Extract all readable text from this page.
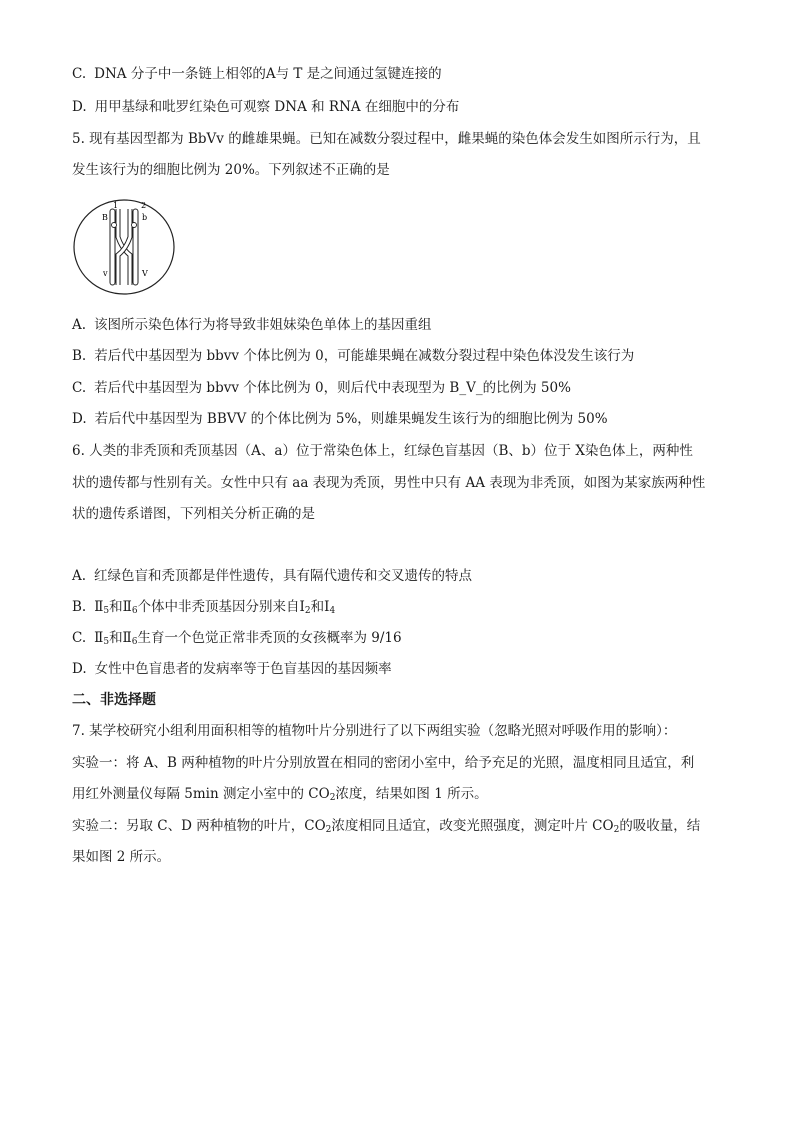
C. DNA 分子中一条链上相邻的A与 T 是之间通过氢键连接的
D. 用甲基绿和吡罗红染色可观察 DNA 和 RNA 在细胞中的分布
5. 现有基因型都为 BbVv 的雌雄果蝇。已知在减数分裂过程中，雌果蝇的染色体会发生如图所示行为，且
发生该行为的细胞比例为 20%。下列叙述不正确的是
B
1	2
b
v	V
A. 该图所示染色体行为将导致非姐妹染色单体上的基因重组
B. 若后代中基因型为 bbvv 个体比例为 0，可能雄果蝇在减数分裂过程中染色体没发生该行为
C. 若后代中基因型为 bbvv 个体比例为 0，则后代中表现型为 B_V_的比例为 50%
D. 若后代中基因型为 BBVV 的个体比例为 5%，则雄果蝇发生该行为的细胞比例为 50%
6. 人类的非秃顶和秃顶基因（A、a）位于常染色体上，红绿色盲基因（B、b）位于 X染色体上，两种性
状的遗传都与性别有关。女性中只有 aa 表现为秃顶，男性中只有 AA 表现为非秃顶，如图为某家族两种性
状的遗传系谱图，下列相关分析正确的是
A. 红绿色盲和秃顶都是伴性遗传，具有隔代遗传和交叉遗传的特点
B. $Ⅱ_5$和$Ⅱ_6$个体中非秃顶基因分别来自$Ⅰ_2$和$Ⅰ_4$
C. $Ⅱ_5$和$Ⅱ_6$生育一个色觉正常非秃顶的女孩概率为 9/16
D. 女性中色盲患者的发病率等于色盲基因的基因频率
二、非选择题
7. 某学校研究小组利用面积相等的植物叶片分别进行了以下两组实验（忽略光照对呼吸作用的影响）：
实验一：将 A、B 两种植物的叶片分别放置在相同的密闭小室中，给予充足的光照，温度相同且适宜，利
用红外测量仪每隔 5min 测定小室中的 $CO_2$浓度，结果如图 1 所示。
实验二：另取 C、D 两种植物的叶片，$CO_2$浓度相同且适宜，改变光照强度，测定叶片 $CO_2$的吸收量，结
果如图 2 所示。
